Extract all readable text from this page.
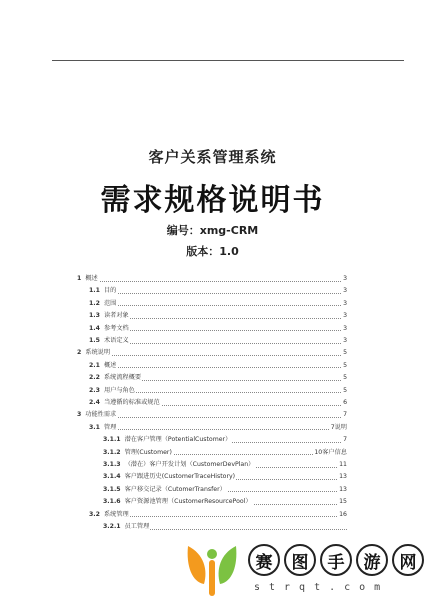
客户关系管理系统
需求规格说明书
编号：xmg-CRM
版本：1.0
1 概述	3
1.1 目的	3
1.2 范围	3
1.3 读者对象	3
1.4 参考文档	3
1.5 术语定义	3
2 系统说明	5
2.1 概述	5
2.2 系统流程概要	5
2.3 用户与角色	5
2.4 当遵循的标准或规范	6
3 功能性需求	7
3.1 管理	7说明
3.1.1 潜在客户管理（PotentialCustomer）	7
3.1.2 管理(Customer)	10客户信息
3.1.3 （潜在）客户开发计划（CustomerDevPlan）	11
3.1.4 客户跟进历史(CustomerTraceHistory)	13
3.1.5 客户移交记录（CutomerTransfer）	13
3.1.6 客户资源池管理（CustomerResourcePool）	15
3.2 系统管理	16
3.2.1 员工管理
赛	图	手	游	网
strqt.com
